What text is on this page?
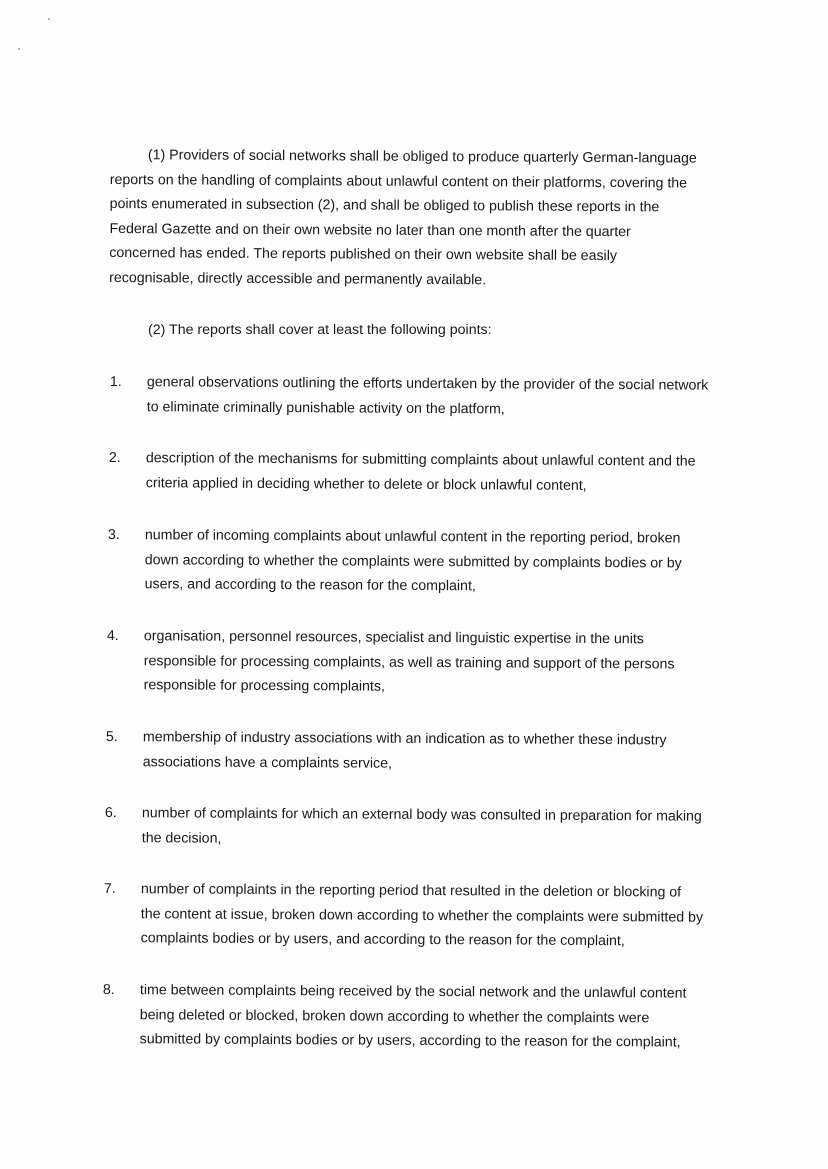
(1) Providers of social networks shall be obliged to produce quarterly German-language reports on the handling of complaints about unlawful content on their platforms, covering the points enumerated in subsection (2), and shall be obliged to publish these reports in the Federal Gazette and on their own website no later than one month after the quarter concerned has ended. The reports published on their own website shall be easily recognisable, directly accessible and permanently available.

(2) The reports shall cover at least the following points:

1.	general observations outlining the efforts undertaken by the provider of the social network to eliminate criminally punishable activity on the platform,
2.	description of the mechanisms for submitting complaints about unlawful content and the criteria applied in deciding whether to delete or block unlawful content,
3.	number of incoming complaints about unlawful content in the reporting period, broken down according to whether the complaints were submitted by complaints bodies or by users, and according to the reason for the complaint,
4.	organisation, personnel resources, specialist and linguistic expertise in the units responsible for processing complaints, as well as training and support of the persons responsible for processing complaints,
5.	membership of industry associations with an indication as to whether these industry associations have a complaints service,
6.	number of complaints for which an external body was consulted in preparation for making the decision,
7.	number of complaints in the reporting period that resulted in the deletion or blocking of the content at issue, broken down according to whether the complaints were submitted by complaints bodies or by users, and according to the reason for the complaint,
8.	time between complaints being received by the social network and the unlawful content being deleted or blocked, broken down according to whether the complaints were submitted by complaints bodies or by users, according to the reason for the complaint,
